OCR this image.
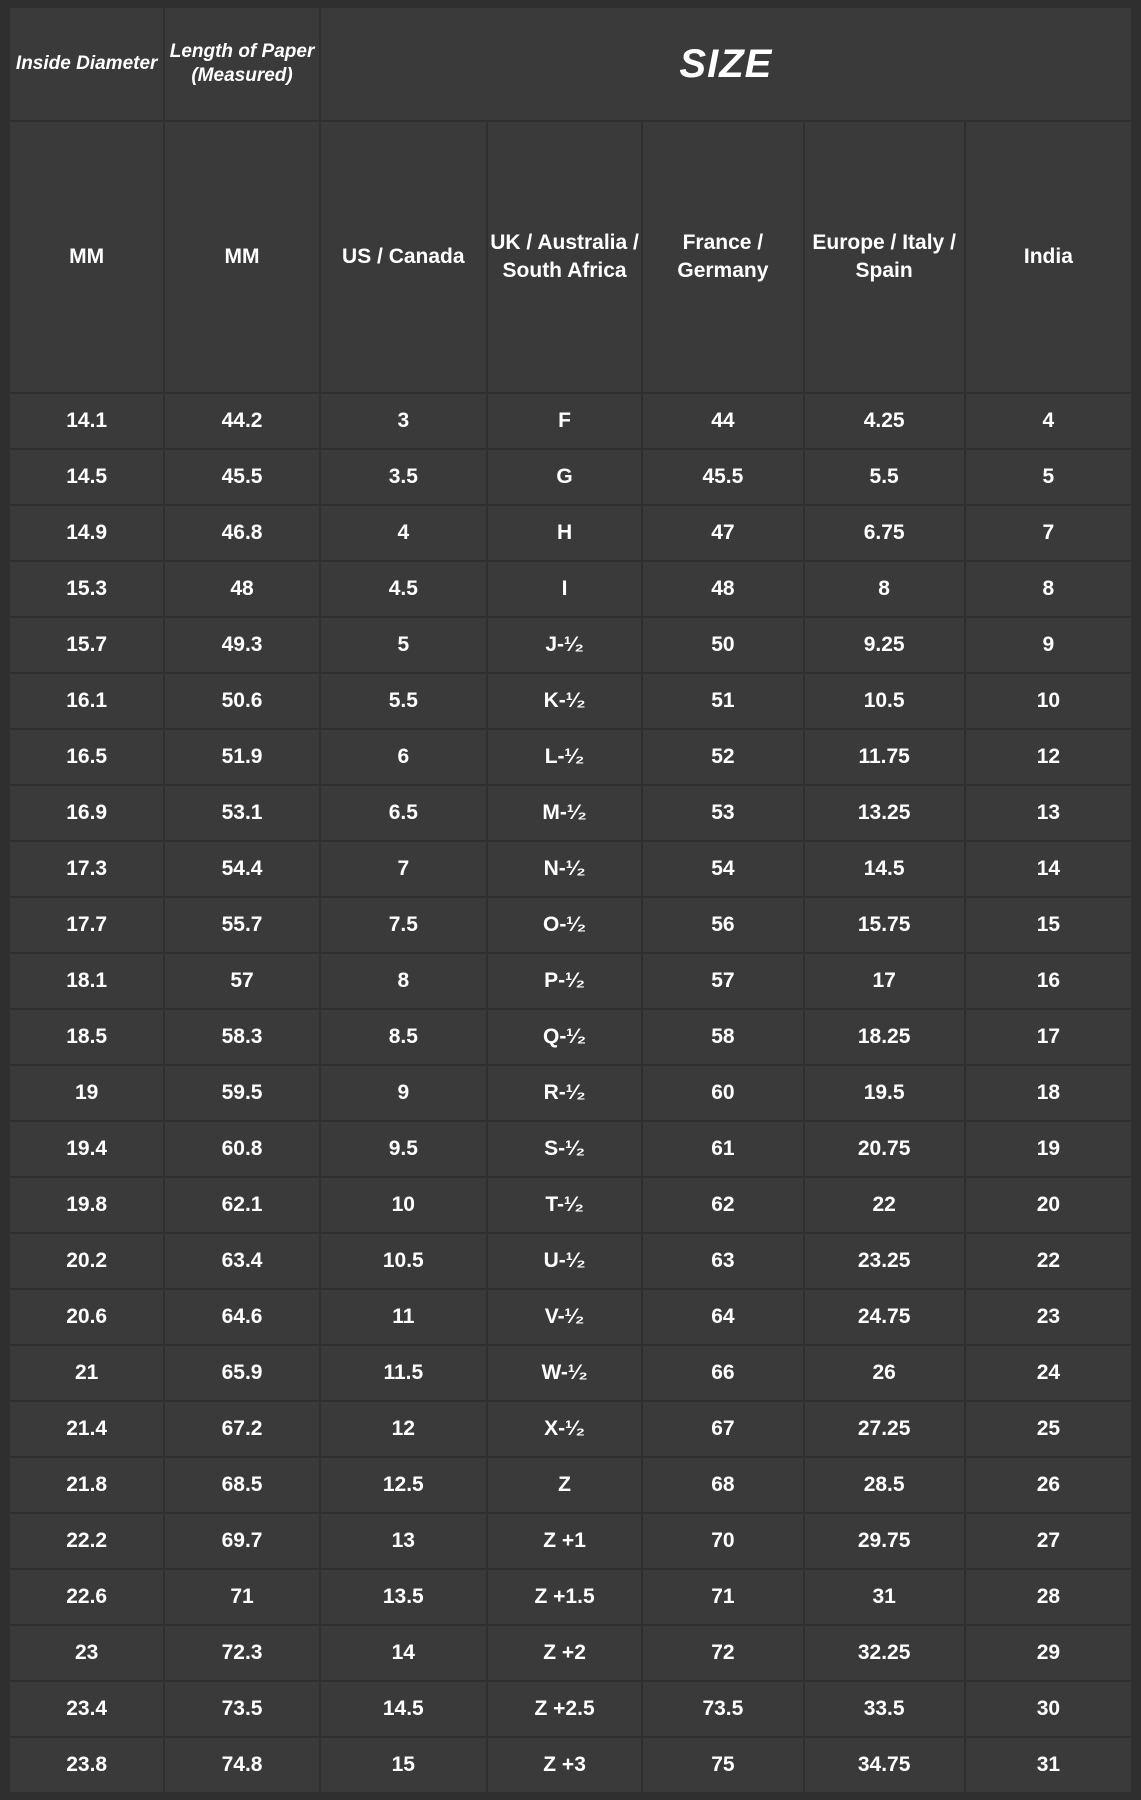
Inside Diameter	Length of Paper (Measured)	SIZE				
MM	MM	US / Canada	UK / Australia / South Africa	France / Germany	Europe / Italy / Spain	India
14.1	44.2	3	F	44	4.25	4
14.5	45.5	3.5	G	45.5	5.5	5
14.9	46.8	4	H	47	6.75	7
15.3	48	4.5	I	48	8	8
15.7	49.3	5	J-¹⁄₂	50	9.25	9
16.1	50.6	5.5	K-¹⁄₂	51	10.5	10
16.5	51.9	6	L-¹⁄₂	52	11.75	12
16.9	53.1	6.5	M-¹⁄₂	53	13.25	13
17.3	54.4	7	N-¹⁄₂	54	14.5	14
17.7	55.7	7.5	O-¹⁄₂	56	15.75	15
18.1	57	8	P-¹⁄₂	57	17	16
18.5	58.3	8.5	Q-¹⁄₂	58	18.25	17
19	59.5	9	R-¹⁄₂	60	19.5	18
19.4	60.8	9.5	S-¹⁄₂	61	20.75	19
19.8	62.1	10	T-¹⁄₂	62	22	20
20.2	63.4	10.5	U-¹⁄₂	63	23.25	22
20.6	64.6	11	V-¹⁄₂	64	24.75	23
21	65.9	11.5	W-¹⁄₂	66	26	24
21.4	67.2	12	X-¹⁄₂	67	27.25	25
21.8	68.5	12.5	Z	68	28.5	26
22.2	69.7	13	Z +1	70	29.75	27
22.6	71	13.5	Z +1.5	71	31	28
23	72.3	14	Z +2	72	32.25	29
23.4	73.5	14.5	Z +2.5	73.5	33.5	30
23.8	74.8	15	Z +3	75	34.75	31
